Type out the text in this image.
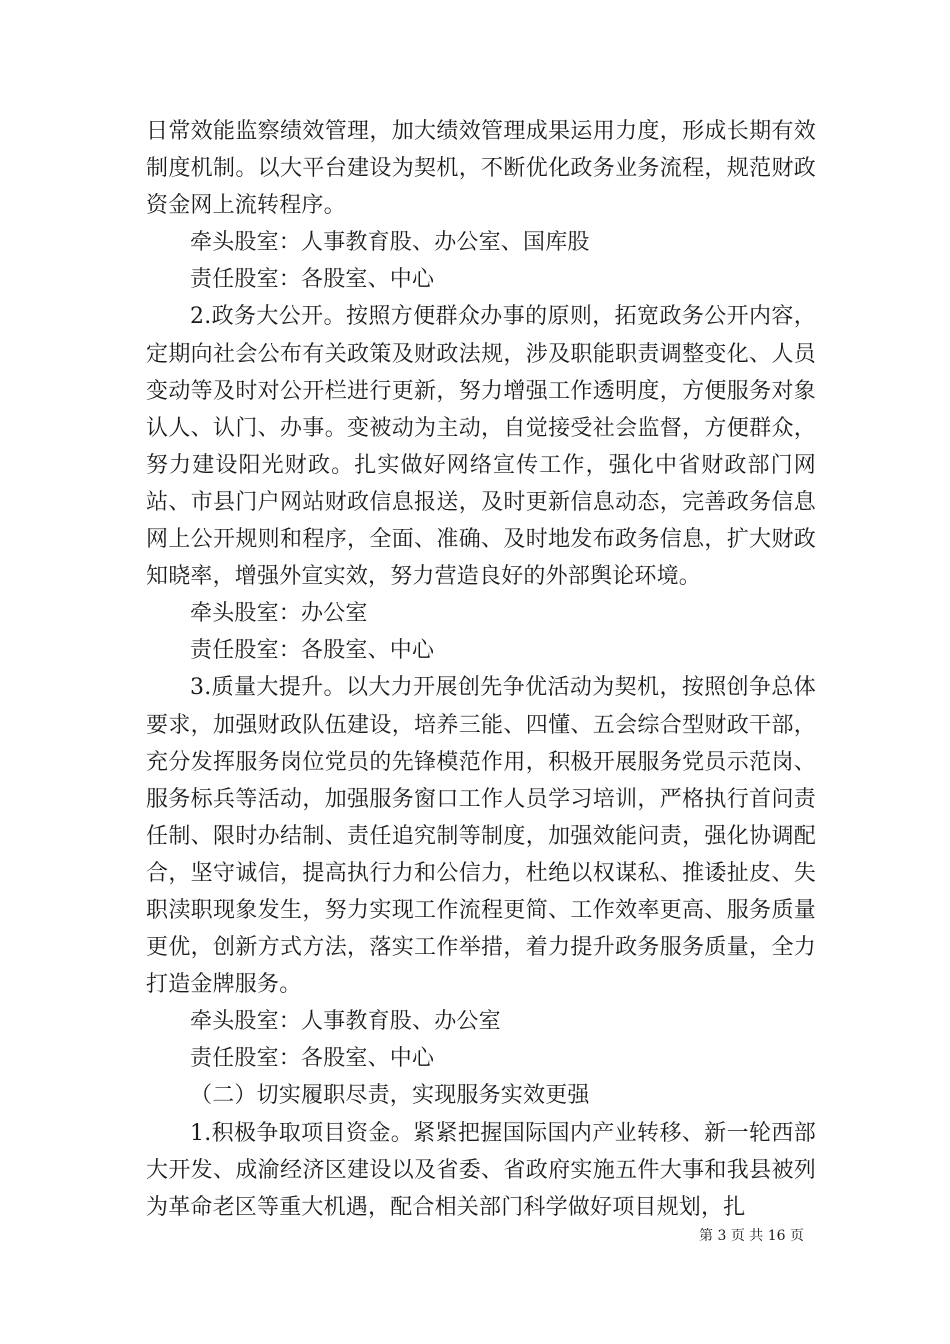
日常效能监察绩效管理，加大绩效管理成果运用力度，形成长期有效制度机制。以大平台建设为契机，不断优化政务业务流程，规范财政资金网上流转程序。

牵头股室：人事教育股、办公室、国库股

责任股室：各股室、中心

2.政务大公开。按照方便群众办事的原则，拓宽政务公开内容，定期向社会公布有关政策及财政法规，涉及职能职责调整变化、人员变动等及时对公开栏进行更新，努力增强工作透明度，方便服务对象认人、认门、办事。变被动为主动，自觉接受社会监督，方便群众，努力建设阳光财政。扎实做好网络宣传工作，强化中省财政部门网站、市县门户网站财政信息报送，及时更新信息动态，完善政务信息网上公开规则和程序，全面、准确、及时地发布政务信息，扩大财政知晓率，增强外宣实效，努力营造良好的外部舆论环境。

牵头股室：办公室

责任股室：各股室、中心

3.质量大提升。以大力开展创先争优活动为契机，按照创争总体要求，加强财政队伍建设，培养三能、四懂、五会综合型财政干部，充分发挥服务岗位党员的先锋模范作用，积极开展服务党员示范岗、服务标兵等活动，加强服务窗口工作人员学习培训，严格执行首问责任制、限时办结制、责任追究制等制度，加强效能问责，强化协调配合，坚守诚信，提高执行力和公信力，杜绝以权谋私、推诿扯皮、失职渎职现象发生，努力实现工作流程更简、工作效率更高、服务质量更优，创新方式方法，落实工作举措，着力提升政务服务质量，全力打造金牌服务。

牵头股室：人事教育股、办公室

责任股室：各股室、中心

（二）切实履职尽责，实现服务实效更强

1.积极争取项目资金。紧紧把握国际国内产业转移、新一轮西部大开发、成渝经济区建设以及省委、省政府实施五件大事和我县被列为革命老区等重大机遇，配合相关部门科学做好项目规划，扎

第 3 页 共 16 页
